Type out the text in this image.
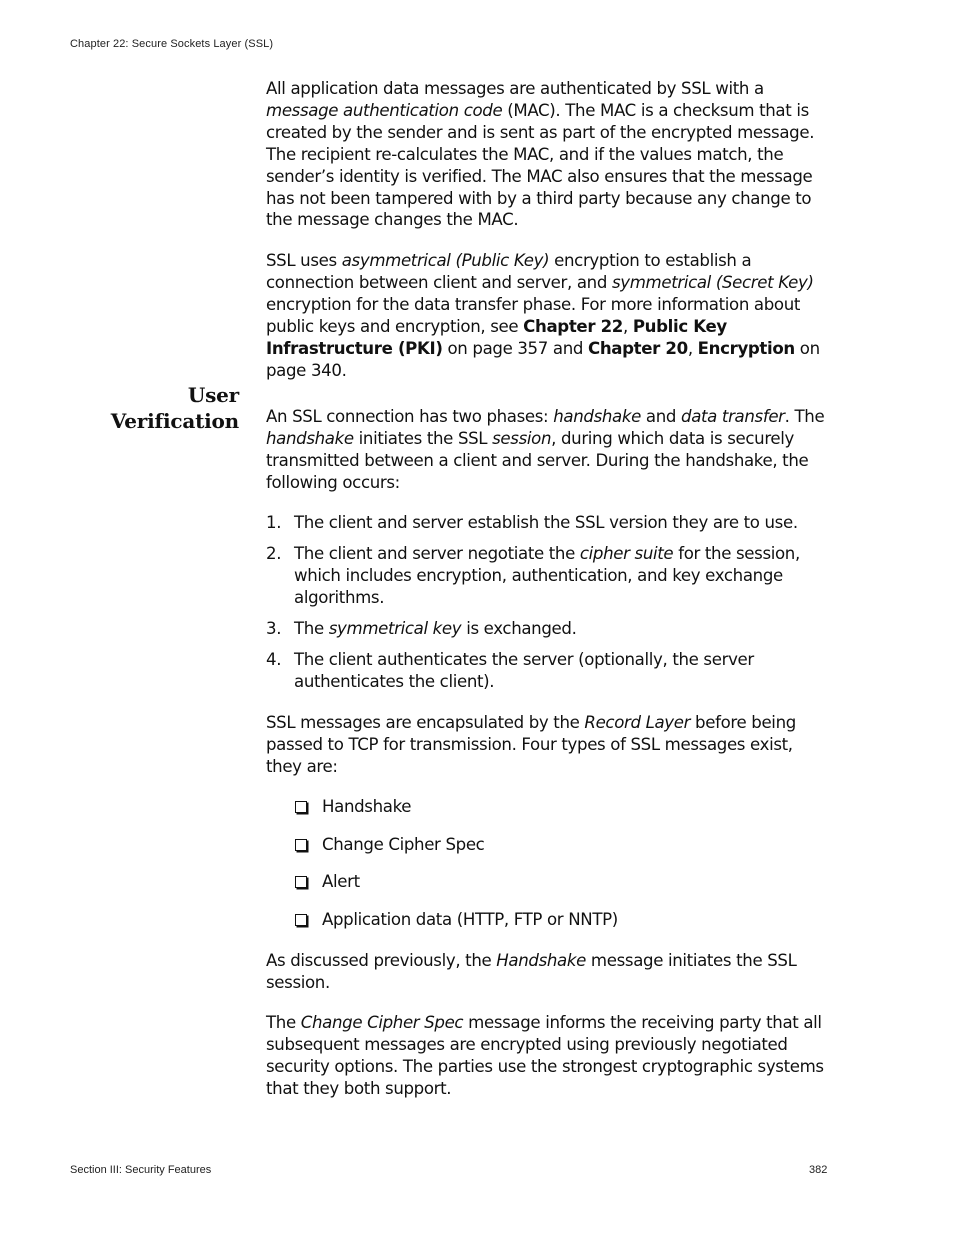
Chapter 22: Secure Sockets Layer (SSL)
User
Verification

All application data messages are authenticated by SSL with a message authentication code (MAC). The MAC is a checksum that is created by the sender and is sent as part of the encrypted message. The recipient re-calculates the MAC, and if the values match, the sender’s identity is verified. The MAC also ensures that the message has not been tampered with by a third party because any change to the message changes the MAC.

SSL uses asymmetrical (Public Key) encryption to establish a connection between client and server, and symmetrical (Secret Key) encryption for the data transfer phase. For more information about public keys and encryption, see Chapter 22, Public Key Infrastructure (PKI) on page 357 and Chapter 20, Encryption on page 340.

An SSL connection has two phases: handshake and data transfer. The handshake initiates the SSL session, during which data is securely transmitted between a client and server. During the handshake, the following occurs:

1. The client and server establish the SSL version they are to use.
2. The client and server negotiate the cipher suite for the session, which includes encryption, authentication, and key exchange algorithms.
3. The symmetrical key is exchanged.
4. The client authenticates the server (optionally, the server authenticates the client).

SSL messages are encapsulated by the Record Layer before being passed to TCP for transmission. Four types of SSL messages exist, they are:

Handshake
Change Cipher Spec
Alert
Application data (HTTP, FTP or NNTP)

As discussed previously, the Handshake message initiates the SSL session.

The Change Cipher Spec message informs the receiving party that all subsequent messages are encrypted using previously negotiated security options. The parties use the strongest cryptographic systems that they both support.

Section III: Security Features	382
